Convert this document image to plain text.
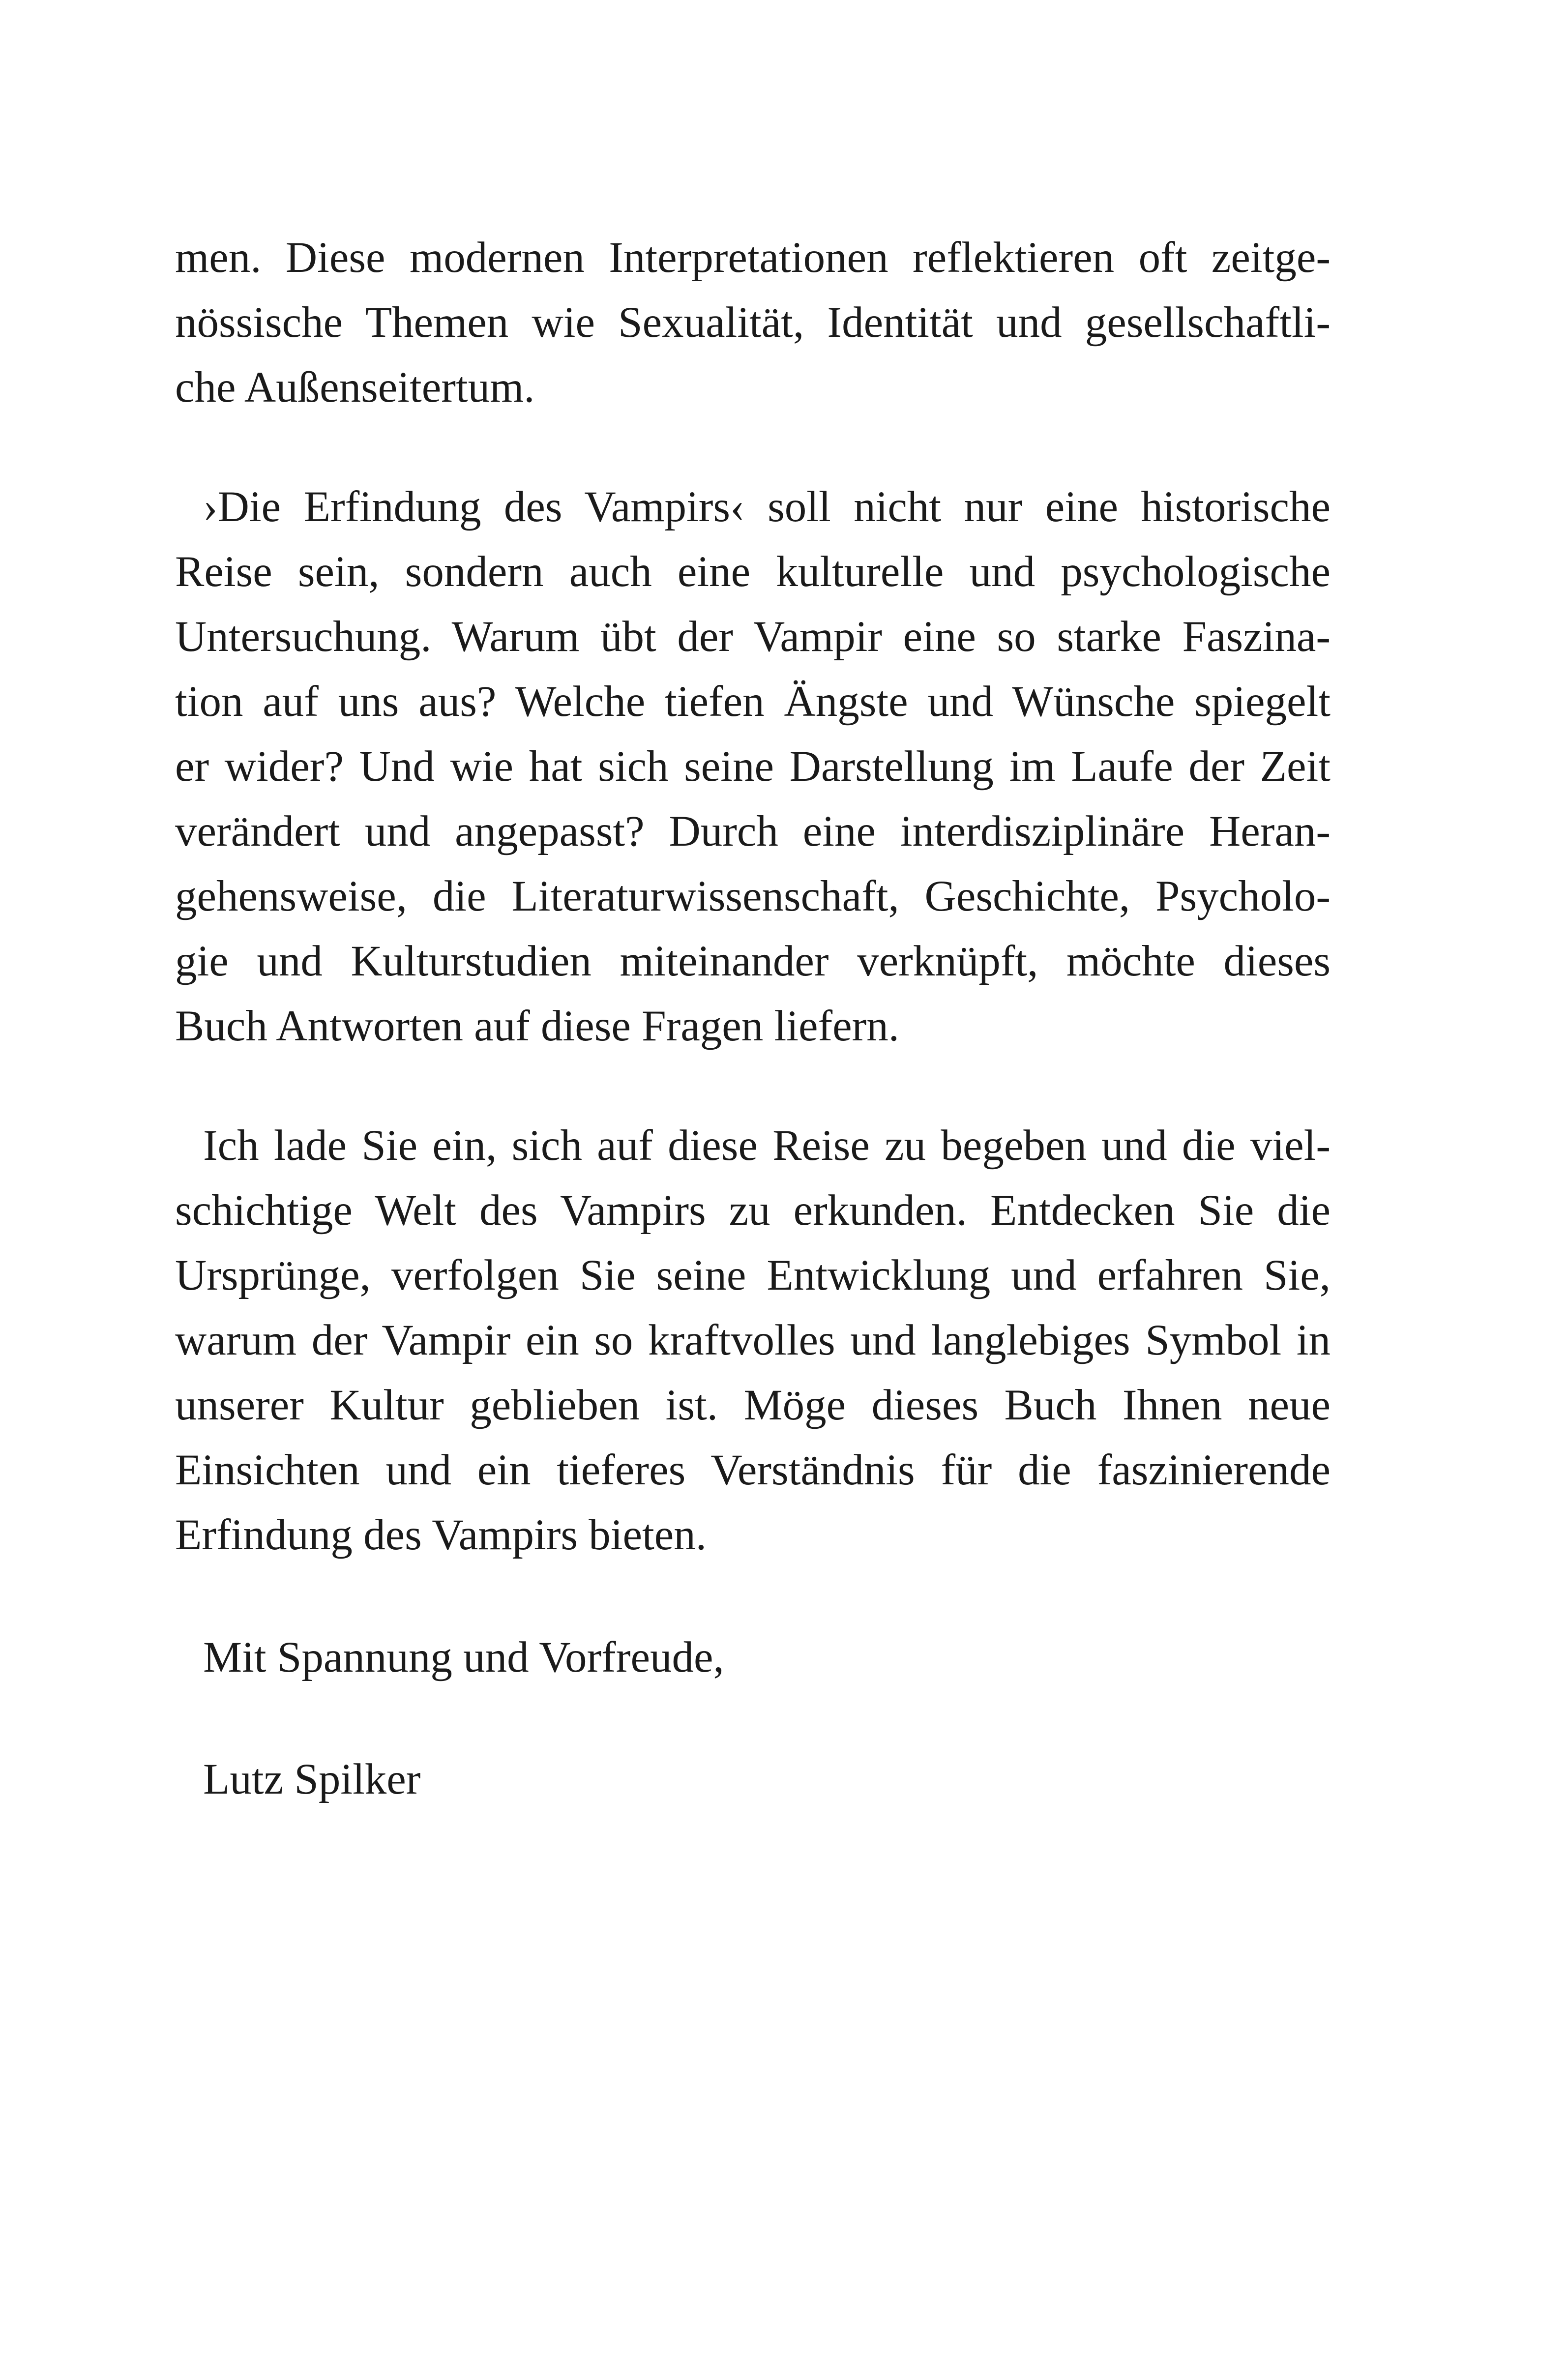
men. Diese modernen Interpretationen reflektieren oft zeitge-
nössische Themen wie Sexualität, Identität und gesellschaftli-
che Außenseitertum.
›Die Erfindung des Vampirs‹ soll nicht nur eine historische
Reise sein, sondern auch eine kulturelle und psychologische
Untersuchung. Warum übt der Vampir eine so starke Faszina-
tion auf uns aus? Welche tiefen Ängste und Wünsche spiegelt
er wider? Und wie hat sich seine Darstellung im Laufe der Zeit
verändert und angepasst? Durch eine interdisziplinäre Heran-
gehensweise, die Literaturwissenschaft, Geschichte, Psycholo-
gie und Kulturstudien miteinander verknüpft, möchte dieses
Buch Antworten auf diese Fragen liefern.
Ich lade Sie ein, sich auf diese Reise zu begeben und die viel-
schichtige Welt des Vampirs zu erkunden. Entdecken Sie die
Ursprünge, verfolgen Sie seine Entwicklung und erfahren Sie,
warum der Vampir ein so kraftvolles und langlebiges Symbol in
unserer Kultur geblieben ist. Möge dieses Buch Ihnen neue
Einsichten und ein tieferes Verständnis für die faszinierende
Erfindung des Vampirs bieten.
Mit Spannung und Vorfreude,
Lutz Spilker
